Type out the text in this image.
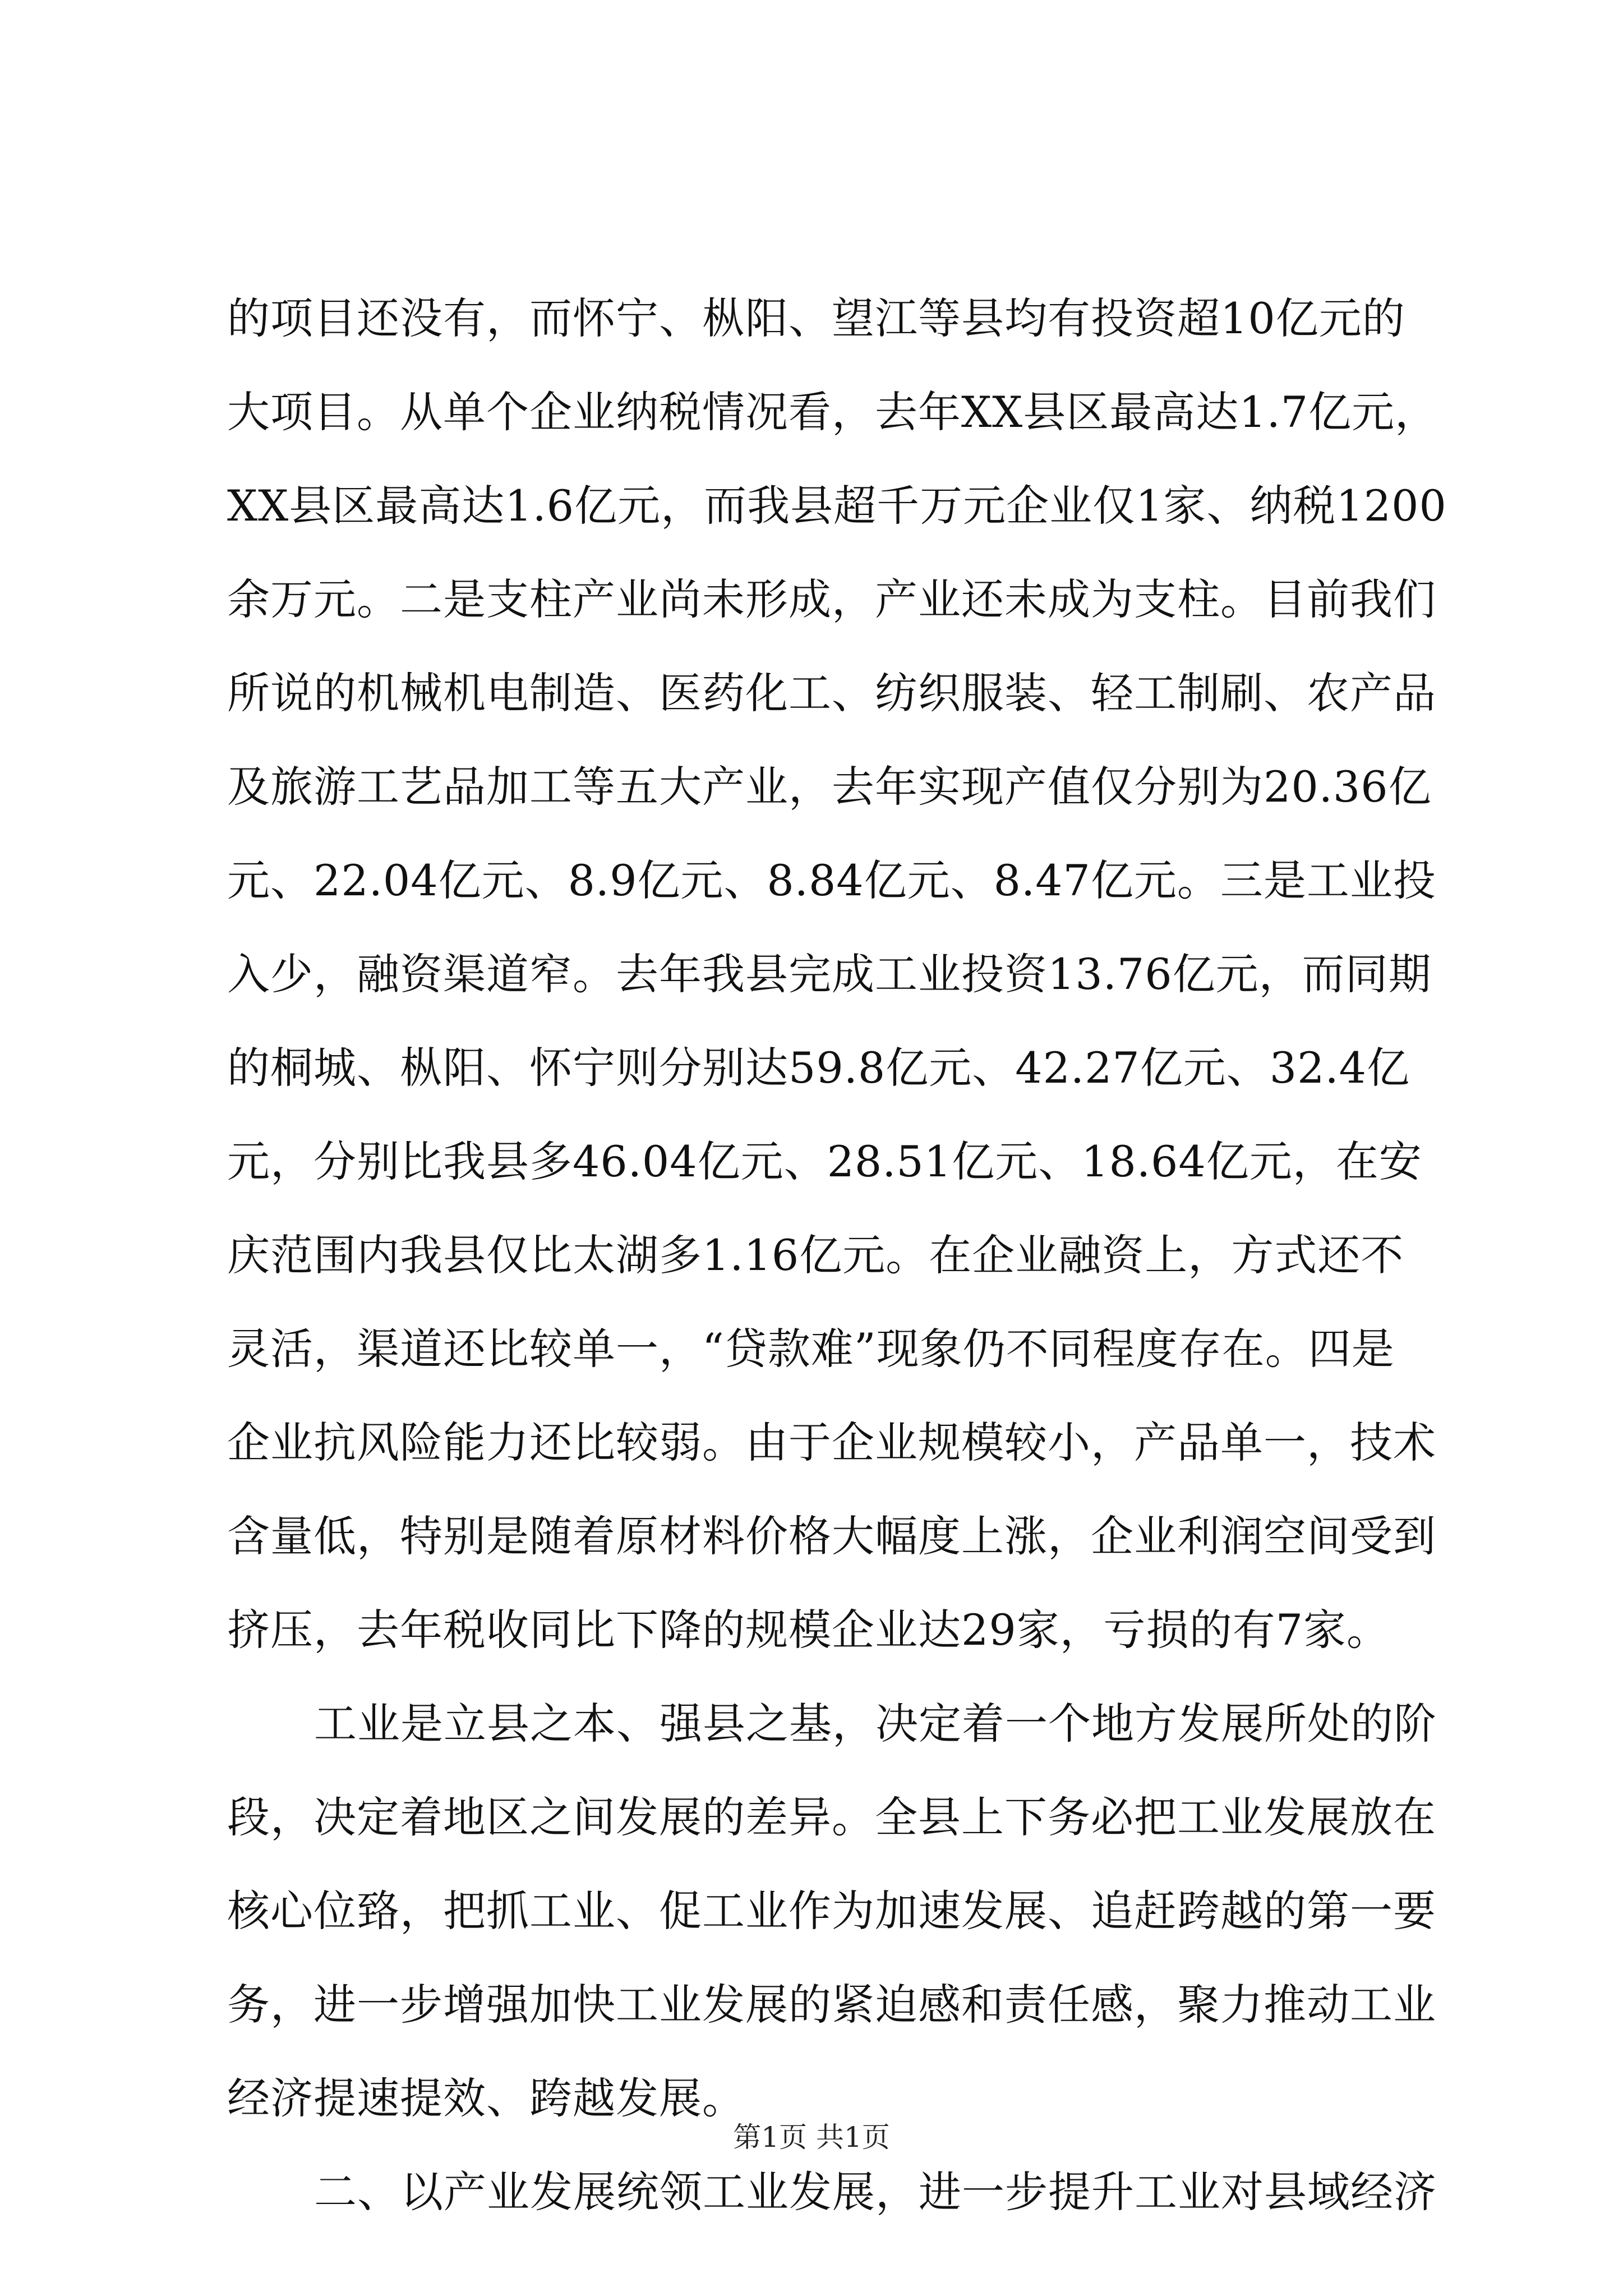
的项目还没有，而怀宁、枞阳、望江等县均有投资超10亿元的
大项目。从单个企业纳税情况看，去年XX县区最高达1.7亿元，
XX县区最高达1.6亿元，而我县超千万元企业仅1家、纳税1200
余万元。二是支柱产业尚未形成，产业还未成为支柱。目前我们
所说的机械机电制造、医药化工、纺织服装、轻工制刷、农产品
及旅游工艺品加工等五大产业，去年实现产值仅分别为20.36亿
元、22.04亿元、8.9亿元、8.84亿元、8.47亿元。三是工业投
入少，融资渠道窄。去年我县完成工业投资13.76亿元，而同期
的桐城、枞阳、怀宁则分别达59.8亿元、42.27亿元、32.4亿
元，分别比我县多46.04亿元、28.51亿元、18.64亿元，在安
庆范围内我县仅比太湖多1.16亿元。在企业融资上，方式还不
灵活，渠道还比较单一，“贷款难”现象仍不同程度存在。四是
企业抗风险能力还比较弱。由于企业规模较小，产品单一，技术
含量低，特别是随着原材料价格大幅度上涨，企业利润空间受到
挤压，去年税收同比下降的规模企业达29家，亏损的有7家。
工业是立县之本、强县之基，决定着一个地方发展所处的阶
段，决定着地区之间发展的差异。全县上下务必把工业发展放在
核心位臵，把抓工业、促工业作为加速发展、追赶跨越的第一要
务，进一步增强加快工业发展的紧迫感和责任感，聚力推动工业
经济提速提效、跨越发展。
二、以产业发展统领工业发展，进一步提升工业对县域经济
第1页 共1页
